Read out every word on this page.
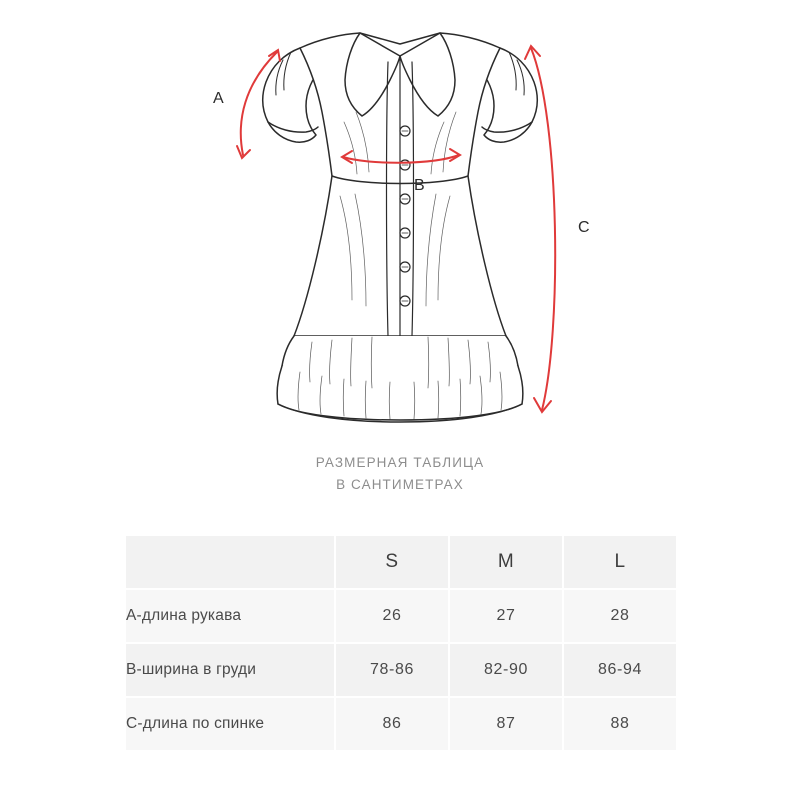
A
B
C
РАЗМЕРНАЯ ТАБЛИЦА
В САНТИМЕТРАХ
	S	M	L
A-длина рукава	26	27	28
B-ширина в груди	78-86	82-90	86-94
C-длина по спинке	86	87	88
